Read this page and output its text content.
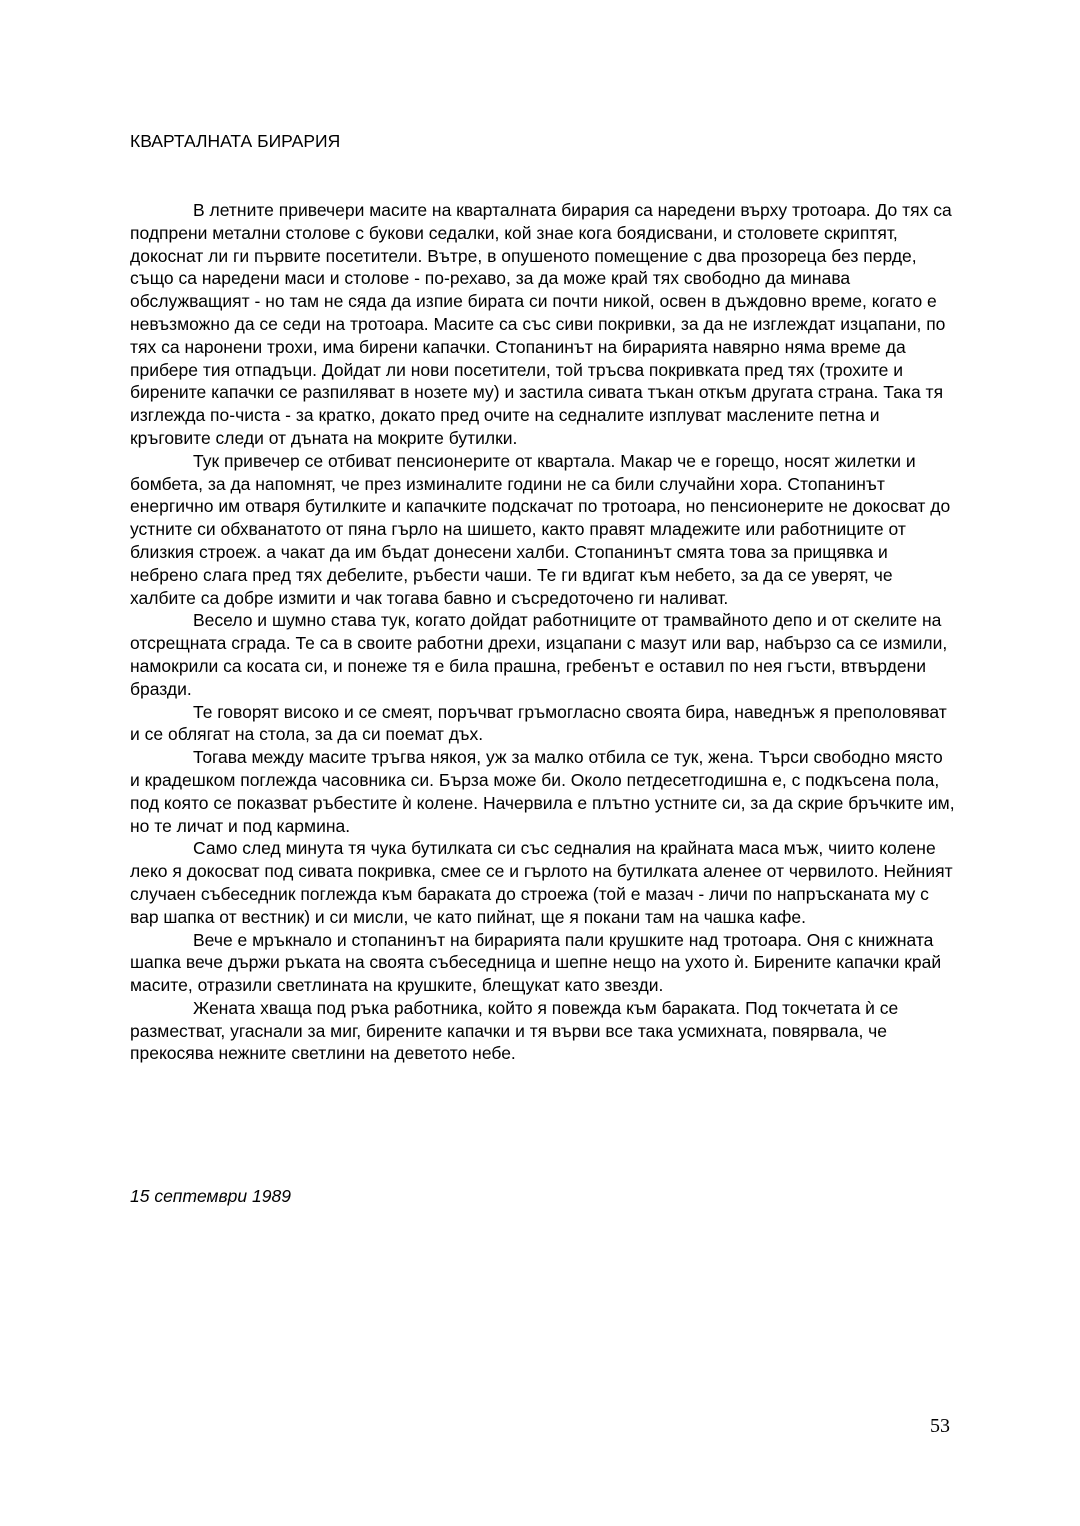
КВАРТАЛНАТА БИРАРИЯ

В летните привечери масите на кварталната бирария са наредени върху тротоара. До тях са подпрени метални столове с букови седалки, кой знае кога боядисвани, и столовете скриптят, докоснат ли ги първите посетители. Вътре, в опушеното помещение с два прозореца без перде, също са наредени маси и столове - по-рехаво, за да може край тях свободно да минава обслужващият - но там не сяда да изпие бирата си почти никой, освен в дъждовно време, когато е невъзможно да се седи на тротоара. Масите са със сиви покривки, за да не изглеждат изцапани, по тях са наронени трохи, има бирени капачки. Стопанинът на бирарията навярно няма време да прибере тия отпадъци. Дойдат ли нови посетители, той тръсва покривката пред тях (трохите и бирените капачки се разпиляват в нозете му) и застила сивата тъкан откъм другата страна. Така тя изглежда по-чиста - за кратко, докато пред очите на седналите изплуват маслените петна и кръговите следи от дъната на мокрите бутилки.

Тук привечер се отбиват пенсионерите от квартала. Макар че е горещо, носят жилетки и бомбета, за да напомнят, че през изминалите години не са били случайни хора. Стопанинът енергично им отваря бутилките и капачките подскачат по тротоара, но пенсионерите не докосват до устните си обхванатото от пяна гърло на шишето, както правят младежите или работниците от близкия строеж. а чакат да им бъдат донесени халби. Стопанинът смята това за прищявка и небрено слага пред тях дебелите, ръбести чаши. Те ги вдигат към небето, за да се уверят, че халбите са добре измити и чак тогава бавно и съсредоточено ги наливат.

Весело и шумно става тук, когато дойдат работниците от трамвайното депо и от скелите на отсрещната сграда. Те са в своите работни дрехи, изцапани с мазут или вар, набързо са се измили, намокрили са косата си, и понеже тя е била прашна, гребенът е оставил по нея гъсти, втвърдени бразди.

Те говорят високо и се смеят, поръчват гръмогласно своята бира, наведнъж я преполовяват и се облягат на стола, за да си поемат дъх.

Тогава между масите тръгва някоя, уж за малко отбила се тук, жена. Търси свободно място и крадешком поглежда часовника си. Бърза може би. Около петдесетгодишна е, с подкъсена пола, под която се показват ръбестите ѝ колене. Начервила е плътно устните си, за да скрие бръчките им, но те личат и под кармина.

Само след минута тя чука бутилката си със седналия на крайната маса мъж, чиито колене леко я докосват под сивата покривка, смее се и гърлото на бутилката аленее от червилото. Нейният случаен събеседник поглежда към бараката до строежа (той е мазач - личи по напръсканата му с вар шапка от вестник) и си мисли, че като пийнат, ще я покани там на чашка кафе.

Вече е мръкнало и стопанинът на бирарията пали крушките над тротоара. Оня с книжната шапка вече държи ръката на своята събеседница и шепне нещо на ухото ѝ. Бирените капачки край масите, отразили светлината на крушките, блещукат като звезди.

Жената хваща под ръка работника, който я повежда към бараката. Под токчетата ѝ се разместват, угаснали за миг, бирените капачки и тя върви все така усмихната, повярвала, че прекосява нежните светлини на деветото небе.

15 септември 1989

53
